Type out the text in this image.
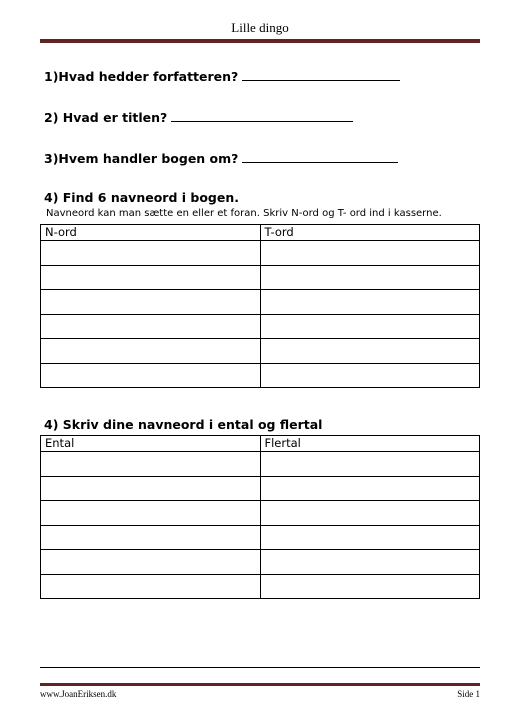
Lille dingo
1)Hvad hedder forfatteren?
2) Hvad er titlen?
3)Hvem handler bogen om?
4) Find 6 navneord i bogen.
Navneord kan man sætte en eller et foran. Skriv N-ord og T- ord ind i kasserne.
N-ord	T-ord

4) Skriv dine navneord i ental og flertal
Ental	Flertal

www.JoanEriksen.dk	Side 1
